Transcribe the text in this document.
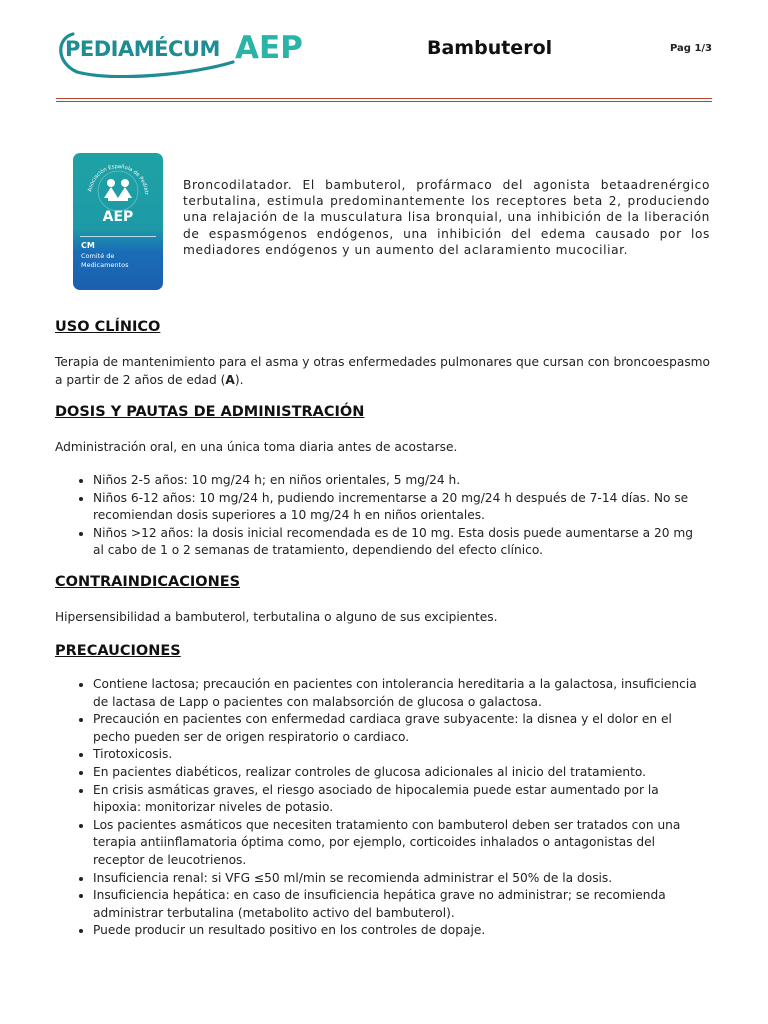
PEDIAMÉCUM AEP	Bambuterol	Pag 1/3
Asociación Española de Pediatr
AEP
CM
Comité de
Medicamentos
Broncodilatador. El bambuterol, profármaco del agonista betaadrenérgico terbutalina, estimula predominantemente los receptores beta 2, produciendo una relajación de la musculatura lisa bronquial, una inhibición de la liberación de espasmógenos endógenos, una inhibición del edema causado por los mediadores endógenos y un aumento del aclaramiento mucociliar.
USO CLÍNICO
Terapia de mantenimiento para el asma y otras enfermedades pulmonares que cursan con broncoespasmo a partir de 2 años de edad (A).
DOSIS Y PAUTAS DE ADMINISTRACIÓN
Administración oral, en una única toma diaria antes de acostarse.
• Niños 2-5 años: 10 mg/24 h; en niños orientales, 5 mg/24 h.
• Niños 6-12 años: 10 mg/24 h, pudiendo incrementarse a 20 mg/24 h después de 7-14 días. No se recomiendan dosis superiores a 10 mg/24 h en niños orientales.
• Niños >12 años: la dosis inicial recomendada es de 10 mg. Esta dosis puede aumentarse a 20 mg al cabo de 1 o 2 semanas de tratamiento, dependiendo del efecto clínico.
CONTRAINDICACIONES
Hipersensibilidad a bambuterol, terbutalina o alguno de sus excipientes.
PRECAUCIONES
• Contiene lactosa; precaución en pacientes con intolerancia hereditaria a la galactosa, insuficiencia de lactasa de Lapp o pacientes con malabsorción de glucosa o galactosa.
• Precaución en pacientes con enfermedad cardiaca grave subyacente: la disnea y el dolor en el pecho pueden ser de origen respiratorio o cardiaco.
• Tirotoxicosis.
• En pacientes diabéticos, realizar controles de glucosa adicionales al inicio del tratamiento.
• En crisis asmáticas graves, el riesgo asociado de hipocalemia puede estar aumentado por la hipoxia: monitorizar niveles de potasio.
• Los pacientes asmáticos que necesiten tratamiento con bambuterol deben ser tratados con una terapia antiinflamatoria óptima como, por ejemplo, corticoides inhalados o antagonistas del receptor de leucotrienos.
• Insuficiencia renal: si VFG ≤50 ml/min se recomienda administrar el 50% de la dosis.
• Insuficiencia hepática: en caso de insuficiencia hepática grave no administrar; se recomienda administrar terbutalina (metabolito activo del bambuterol).
• Puede producir un resultado positivo en los controles de dopaje.
